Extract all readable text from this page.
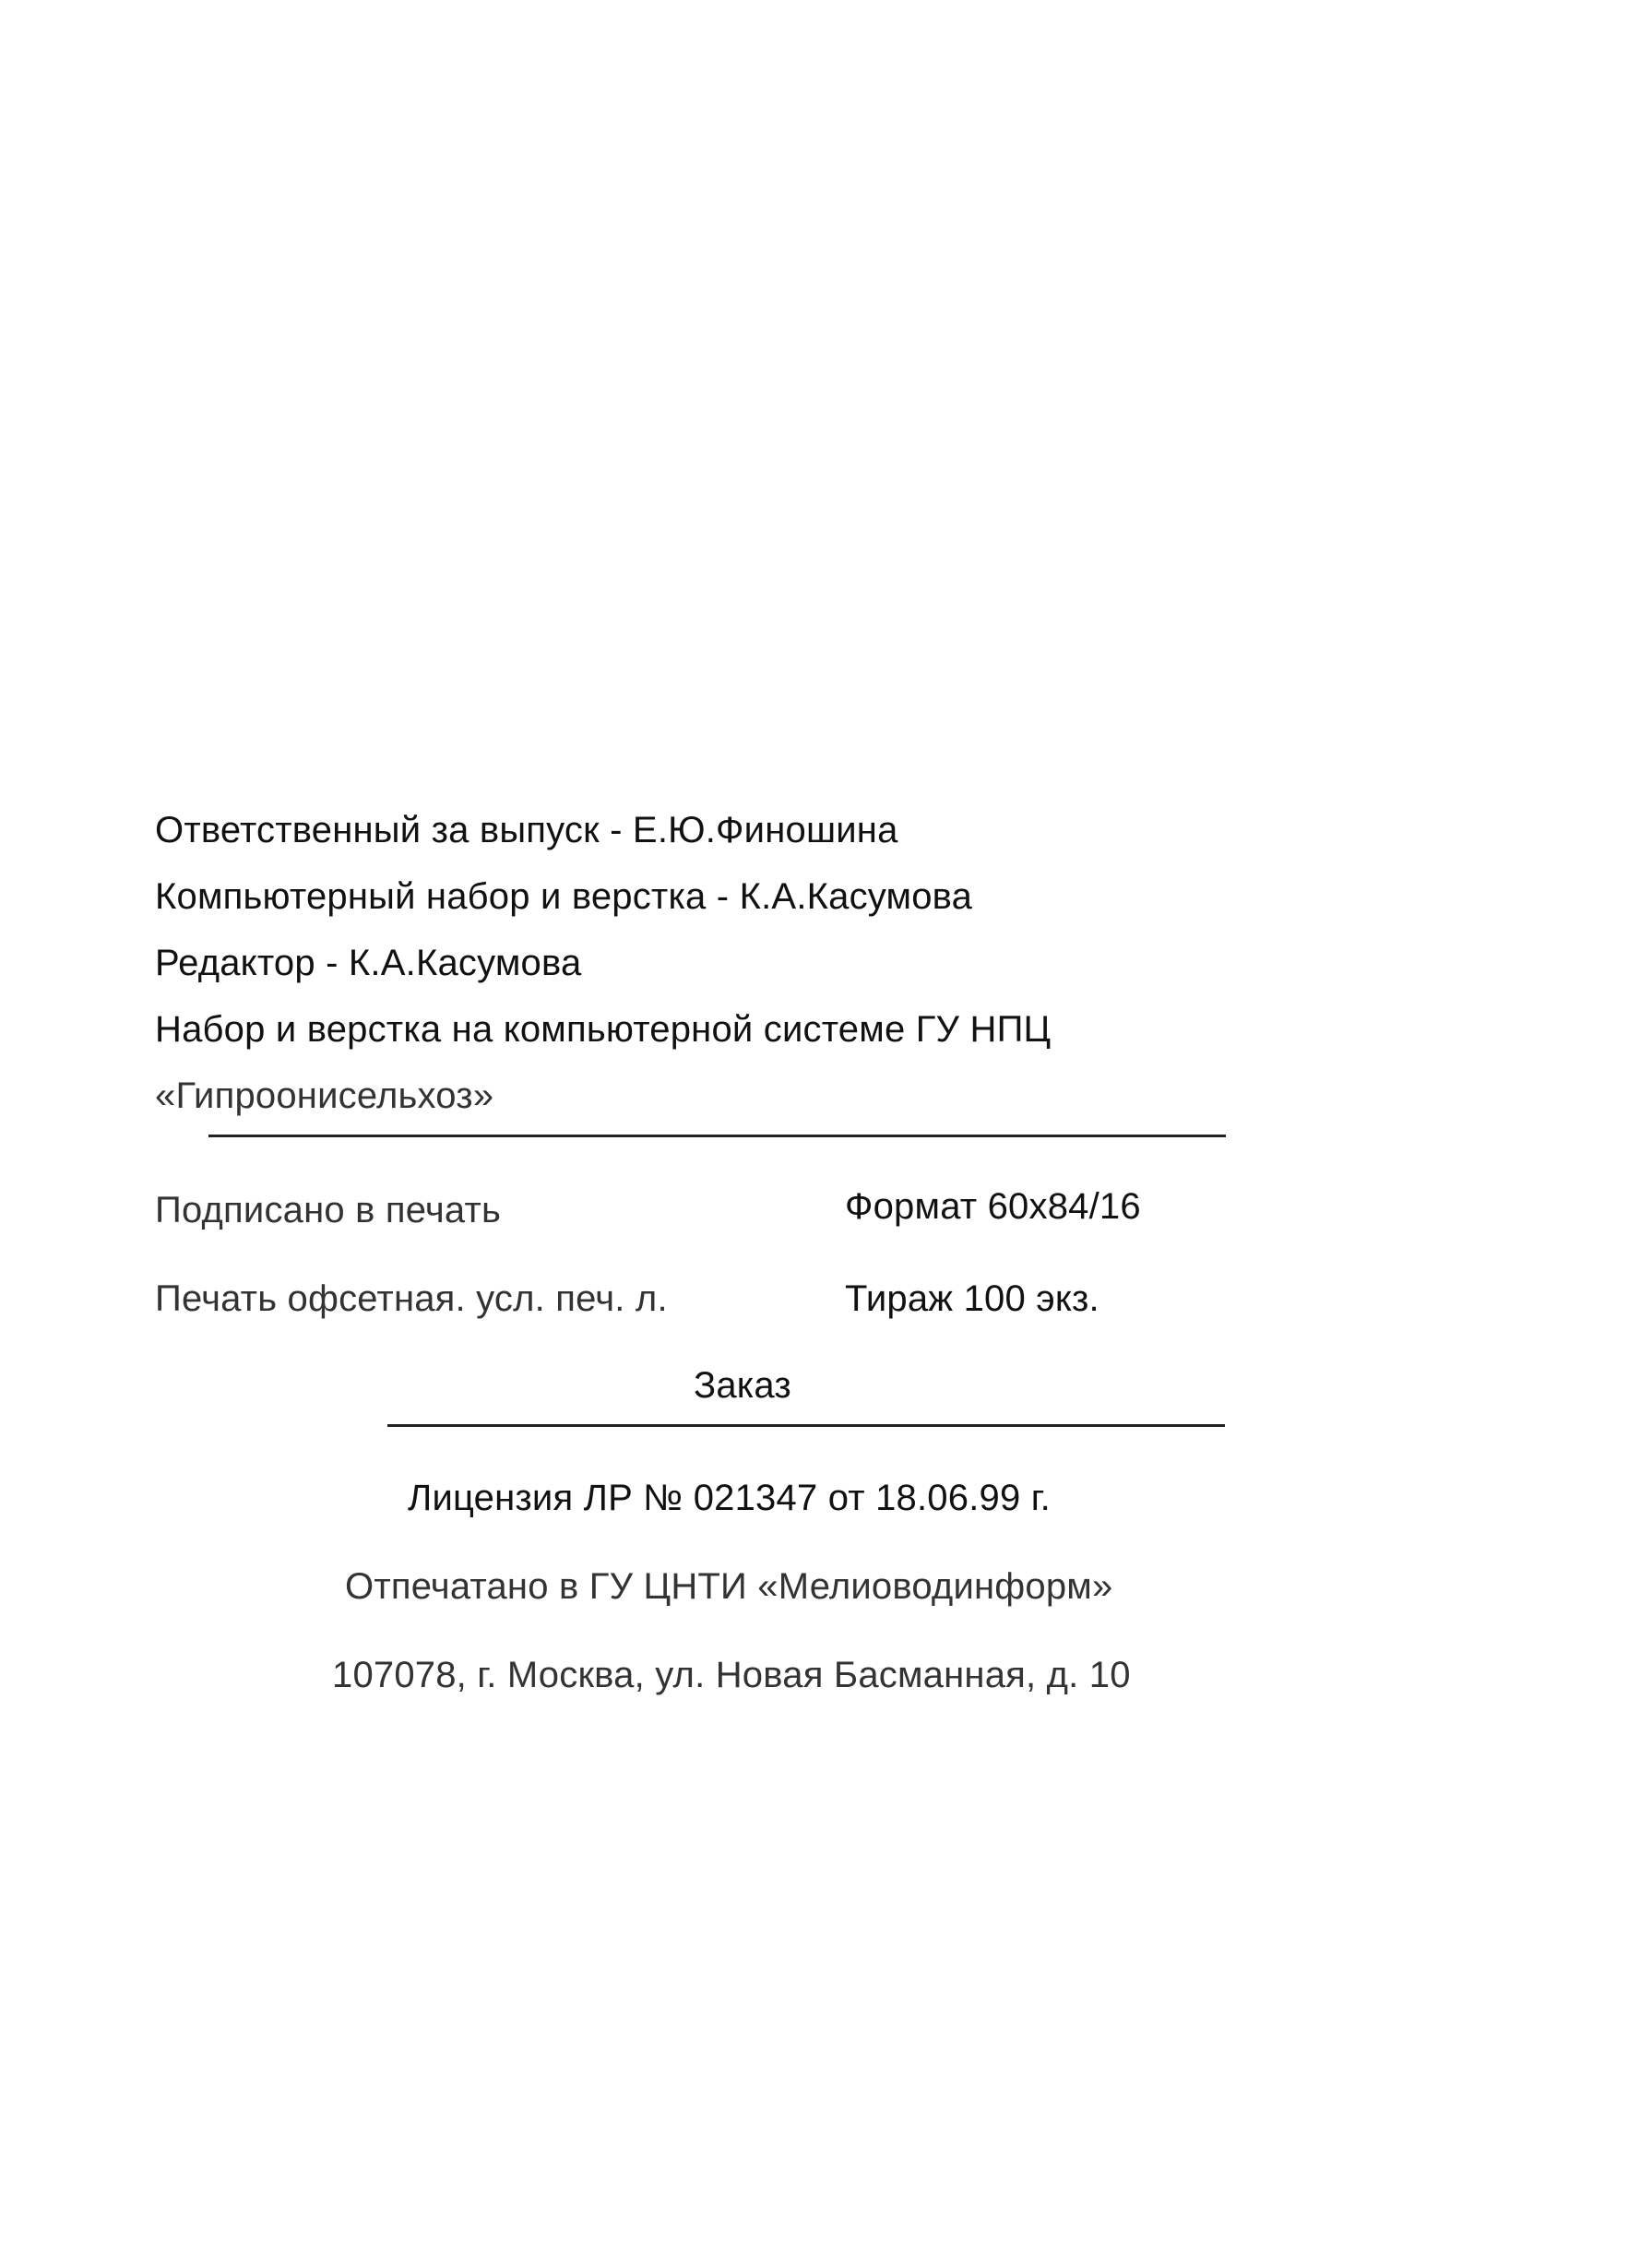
Ответственный за выпуск - Е.Ю.Финошина
Компьютерный набор и верстка - К.А.Касумова
Редактор - К.А.Касумова
Набор и верстка на компьютерной системе ГУ НПЦ
«Гипроонисельхоз»
Подписано в печать	Формат 60х84/16
Печать офсетная. усл. печ. л.	Тираж 100 экз.
Заказ
Лицензия ЛР № 021347 от 18.06.99 г.
Отпечатано в ГУ ЦНТИ «Мелиоводинформ»
107078, г. Москва, ул. Новая Басманная, д. 10
